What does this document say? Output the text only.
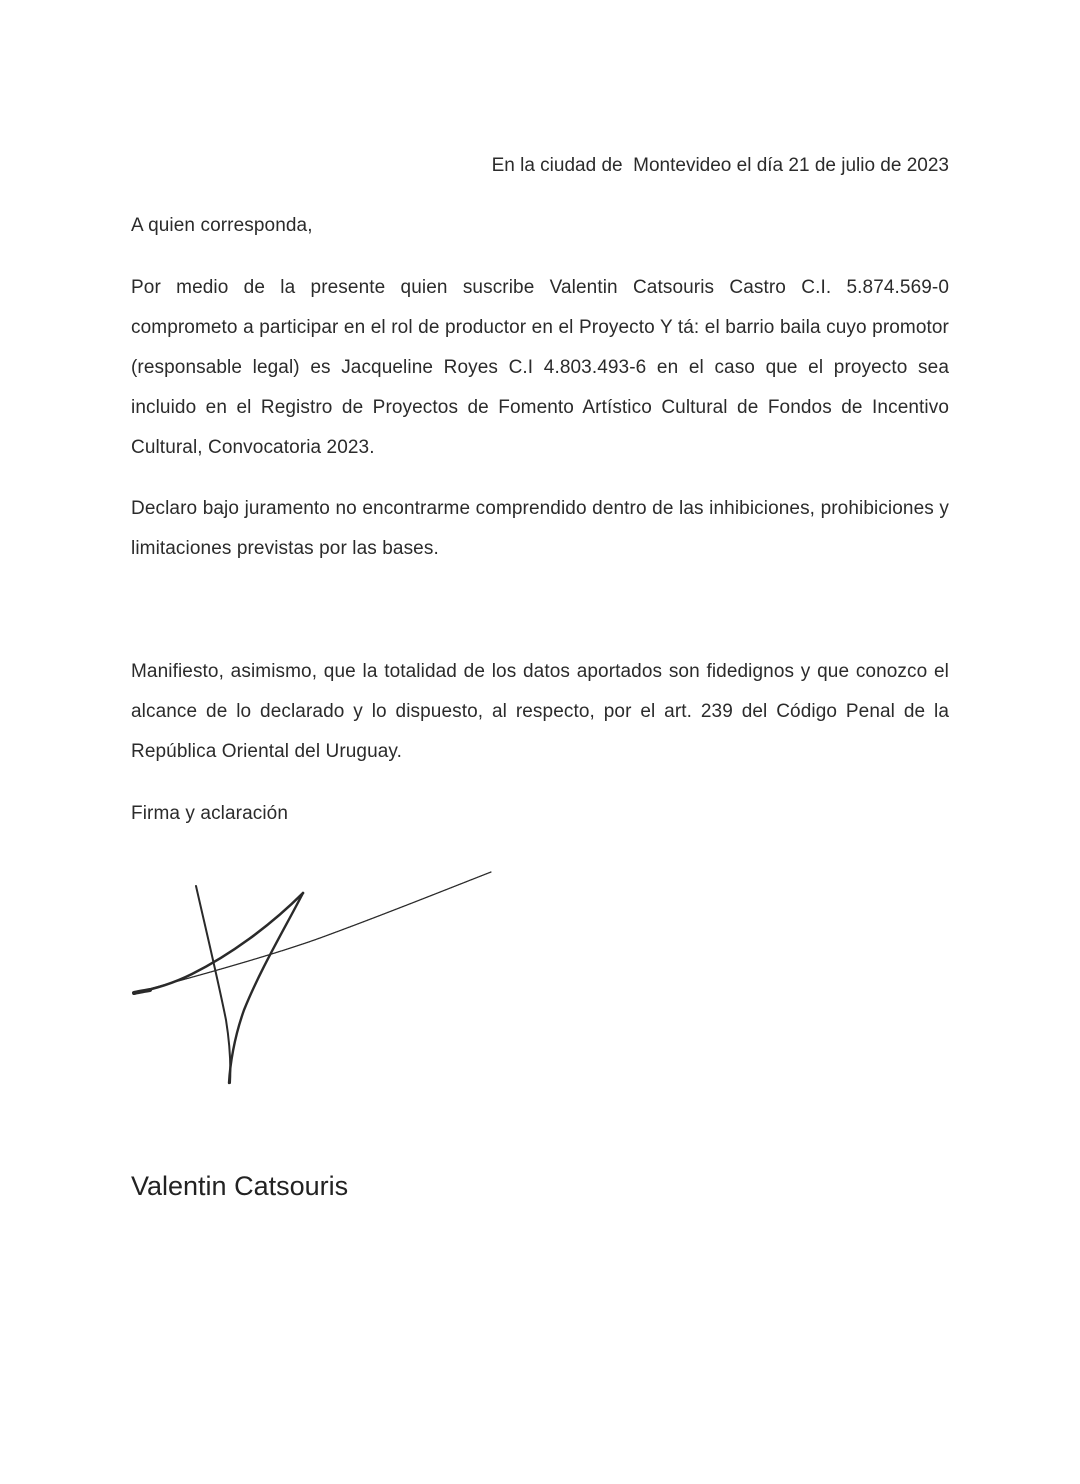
En la ciudad de  Montevideo el día 21 de julio de 2023
A quien corresponda,
Por medio de la presente quien suscribe Valentin Catsouris Castro C.I. 5.874.569-0 comprometo a participar en el rol de productor en el Proyecto Y tá: el barrio baila cuyo promotor (responsable legal) es Jacqueline Royes C.I 4.803.493-6 en el caso que el proyecto sea incluido en el Registro de Proyectos de Fomento Artístico Cultural de Fondos de Incentivo Cultural, Convocatoria 2023.
Declaro bajo juramento no encontrarme comprendido dentro de las inhibiciones, prohibiciones y limitaciones previstas por las bases.
Manifiesto, asimismo, que la totalidad de los datos aportados son fidedignos y que conozco el alcance de lo declarado y lo dispuesto, al respecto, por el art. 239 del Código Penal de la República Oriental del Uruguay.
Firma y aclaración
Valentin Catsouris
